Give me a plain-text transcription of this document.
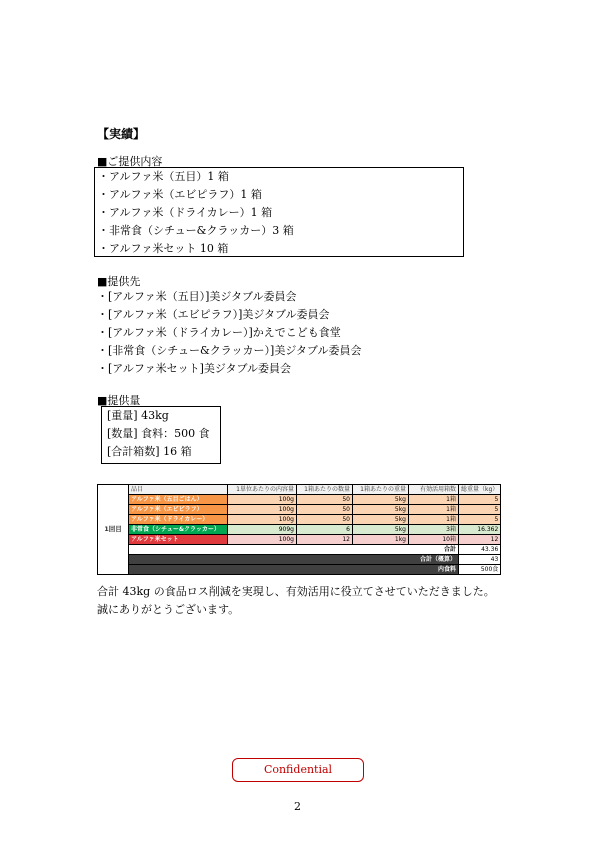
【実績】
■ご提供内容
・アルファ米（五目）1 箱
・アルファ米（エビピラフ）1 箱
・アルファ米（ドライカレー）1 箱
・非常食（シチュー&クラッカー）3 箱
・アルファ米セット 10 箱
■提供先
・[アルファ米（五目）]美ジタブル委員会
・[アルファ米（エビピラフ）]美ジタブル委員会
・[アルファ米（ドライカレー）]かえでこども食堂
・[非常食（シチュー&クラッカー）]美ジタブル委員会
・[アルファ米セット]美ジタブル委員会
■提供量
[重量] 43kg
[数量] 食料：500 食
[合計箱数] 16 箱
1回目	品目	1単位あたりの内容量	1箱あたりの数量	1箱あたりの重量	有効活用箱数	総重量（kg）
	アルファ米（五目ごはん）	100g	50	5kg	1箱	5
	アルファ米（エビピラフ）	100g	50	5kg	1箱	5
	アルファ米（ドライカレー）	100g	50	5kg	1箱	5
	非常食（シチュー&クラッカー）	909g	6	5kg	3箱	16.362
	アルファ米セット	100g	12	1kg	10箱	12
	合計					43.36
	合計（概算）					43
	内食料					500食
合計 43kg の食品ロス削減を実現し、有効活用に役立てさせていただきました。
誠にありがとうございます。
Confidential
2
